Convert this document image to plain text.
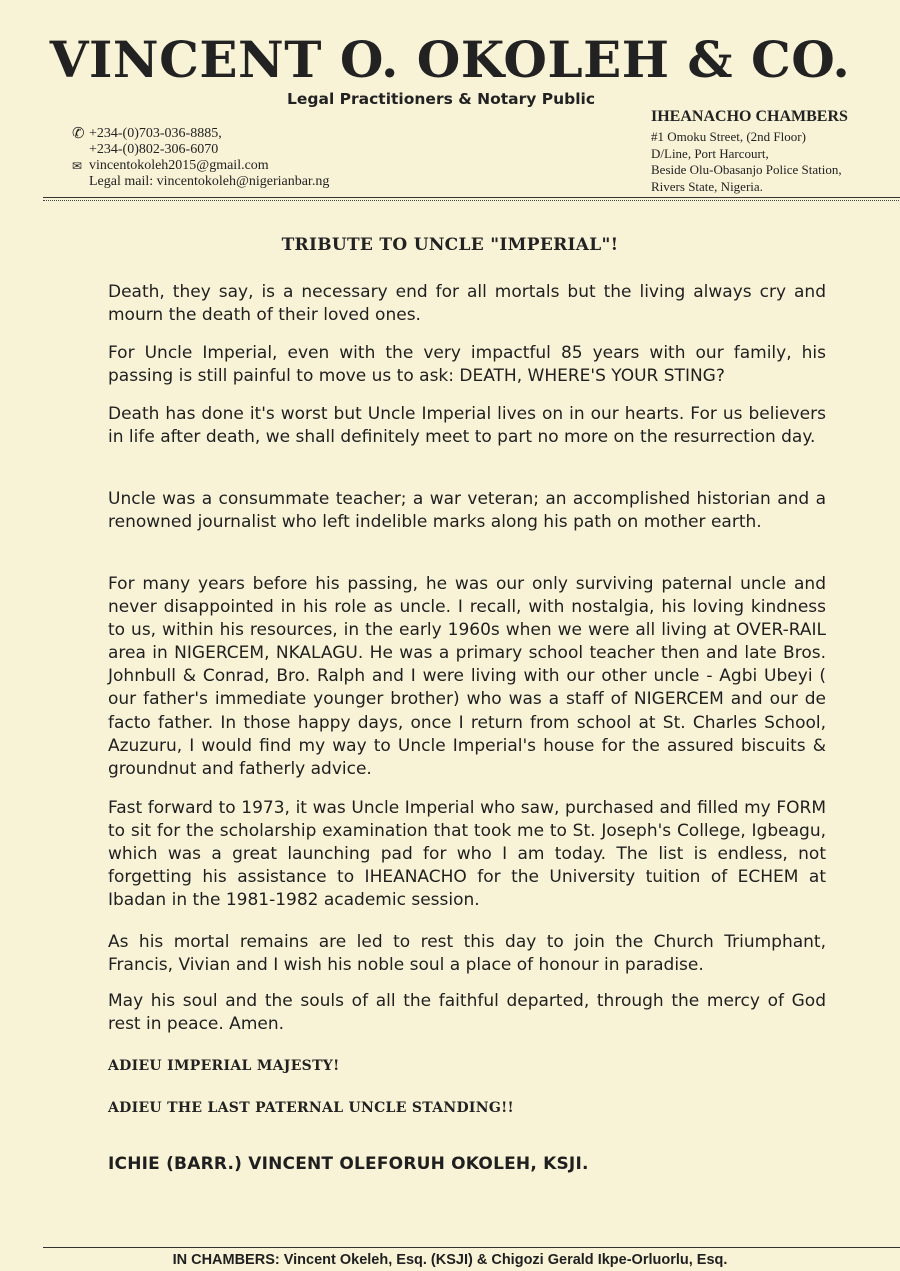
VINCENT O. OKOLEH & CO.
Legal Practitioners & Notary Public
✆ +234-(0)703-036-8885,
+234-(0)802-306-6070
✉ vincentokoleh2015@gmail.com
Legal mail: vincentokoleh@nigerianbar.ng
IHEANACHO CHAMBERS
#1 Omoku Street, (2nd Floor)
D/Line, Port Harcourt,
Beside Olu-Obasanjo Police Station,
Rivers State, Nigeria.
TRIBUTE TO UNCLE "IMPERIAL"!

Death, they say, is a necessary end for all mortals but the living always cry and mourn the death of their loved ones.

For Uncle Imperial, even with the very impactful 85 years with our family, his passing is still painful to move us to ask: DEATH, WHERE'S YOUR STING?

Death has done it's worst but Uncle Imperial lives on in our hearts. For us believers in life after death, we shall definitely meet to part no more on the resurrection day.

Uncle was a consummate teacher; a war veteran; an accomplished historian and a renowned journalist who left indelible marks along his path on mother earth.

For many years before his passing, he was our only surviving paternal uncle and never disappointed in his role as uncle. I recall, with nostalgia, his loving kindness to us, within his resources, in the early 1960s when we were all living at OVER-RAIL area in NIGERCEM, NKALAGU. He was a primary school teacher then and late Bros. Johnbull & Conrad, Bro. Ralph and I were living with our other uncle - Agbi Ubeyi ( our father's immediate younger brother) who was a staff of NIGERCEM and our de facto father. In those happy days, once I return from school at St. Charles School, Azuzuru, I would find my way to Uncle Imperial's house for the assured biscuits & groundnut and fatherly advice.

Fast forward to 1973, it was Uncle Imperial who saw, purchased and filled my FORM to sit for the scholarship examination that took me to St. Joseph's College, Igbeagu, which was a great launching pad for who I am today. The list is endless, not forgetting his assistance to IHEANACHO for the University tuition of ECHEM at Ibadan in the 1981-1982 academic session.

As his mortal remains are led to rest this day to join the Church Triumphant, Francis, Vivian and I wish his noble soul a place of honour in paradise.

May his soul and the souls of all the faithful departed, through the mercy of God rest in peace. Amen.

ADIEU IMPERIAL MAJESTY!
ADIEU THE LAST PATERNAL UNCLE STANDING!!
ICHIE (BARR.) VINCENT OLEFORUH OKOLEH, KSJI.
IN CHAMBERS: Vincent Okeleh, Esq. (KSJI) & Chigozi Gerald Ikpe-Orluorlu, Esq.
